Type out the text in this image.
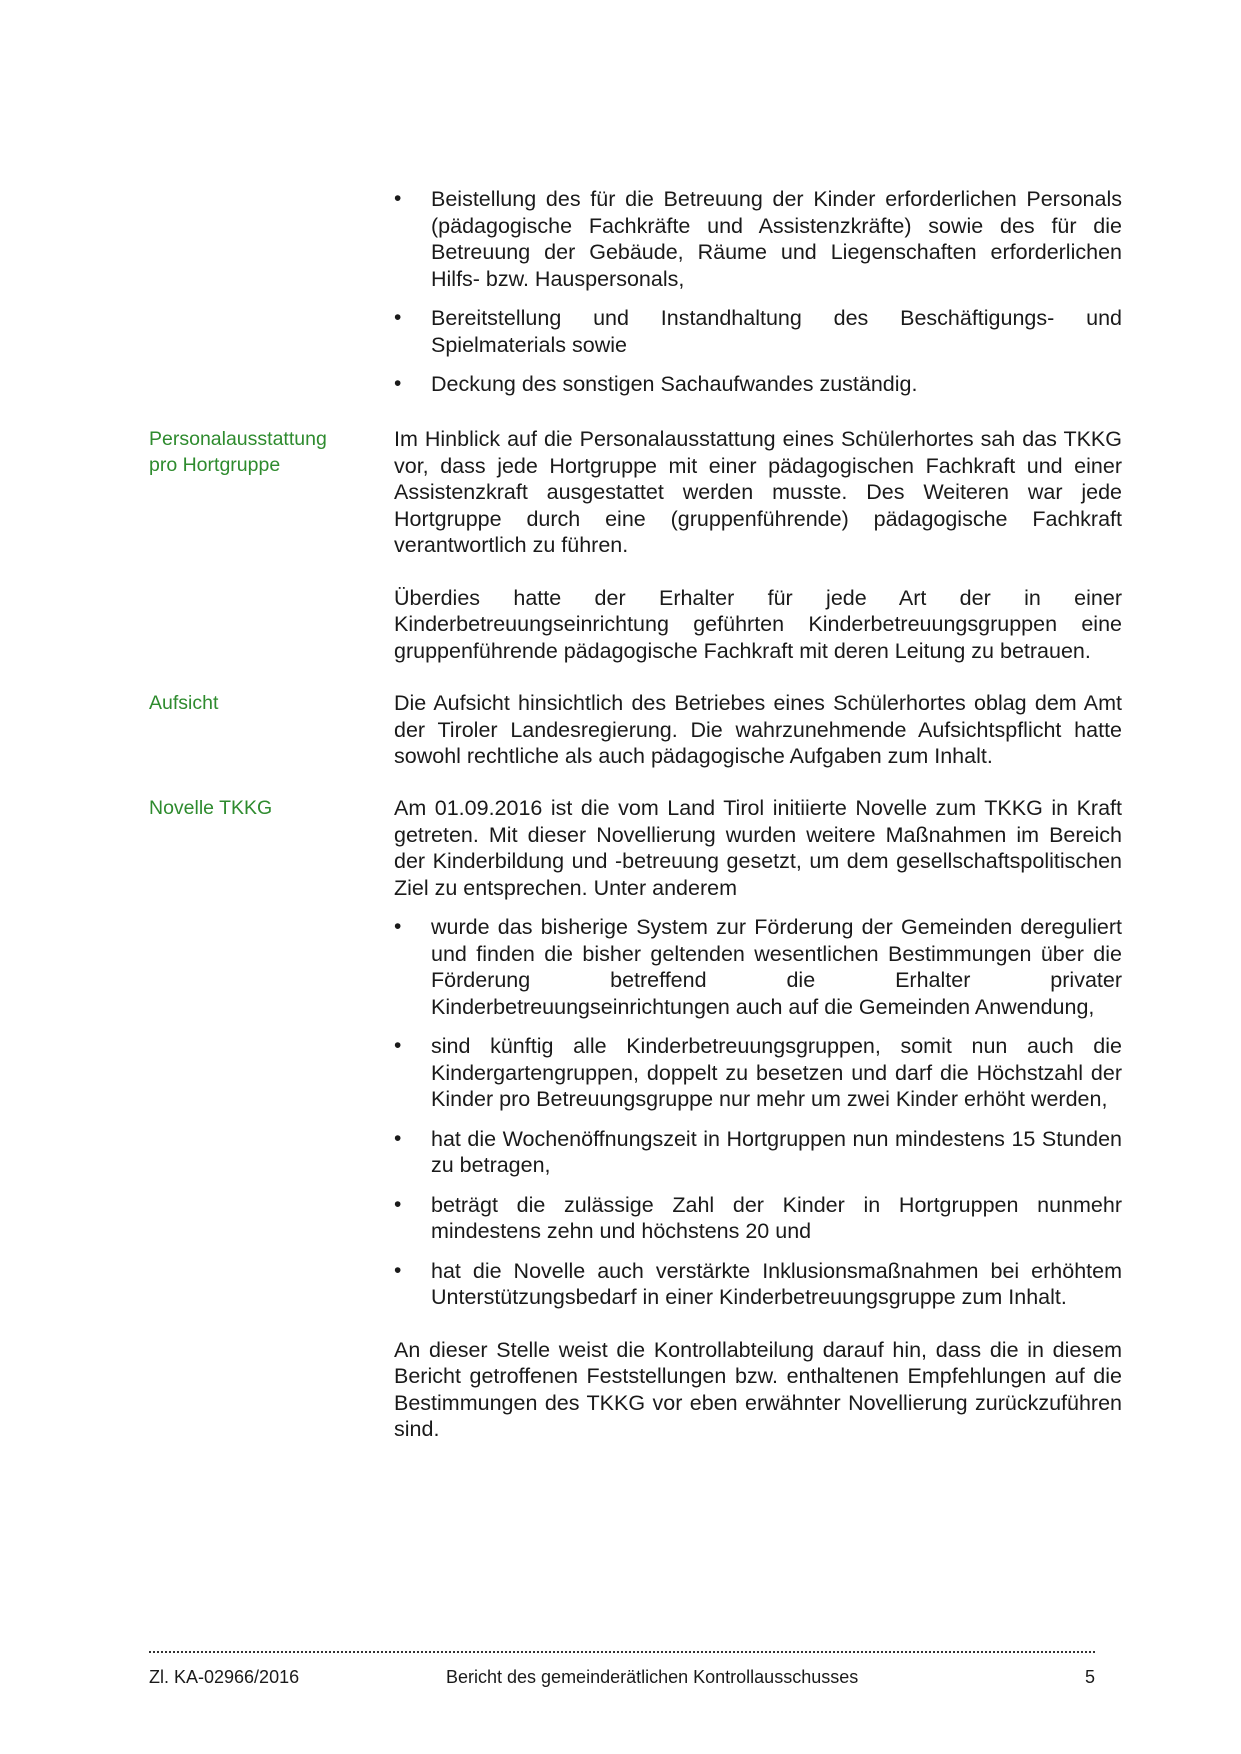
•	Beistellung des für die Betreuung der Kinder erforderlichen Personals (pädagogische Fachkräfte und Assistenzkräfte) sowie des für die Betreuung der Gebäude, Räume und Liegenschaften erforderlichen Hilfs- bzw. Hauspersonals,
•	Bereitstellung und Instandhaltung des Beschäftigungs- und Spielmaterials sowie
•	Deckung des sonstigen Sachaufwandes zuständig.
Personalausstattung
pro Hortgruppe

Im Hinblick auf die Personalausstattung eines Schülerhortes sah das TKKG vor, dass jede Hortgruppe mit einer pädagogischen Fachkraft und einer Assistenzkraft ausgestattet werden musste. Des Weiteren war jede Hortgruppe durch eine (gruppenführende) pädagogische Fachkraft verantwortlich zu führen.

Überdies hatte der Erhalter für jede Art der in einer Kinderbetreuungseinrichtung geführten Kinderbetreuungsgruppen eine gruppenführende pädagogische Fachkraft mit deren Leitung zu betrauen.

Aufsicht	Die Aufsicht hinsichtlich des Betriebes eines Schülerhortes oblag dem Amt der Tiroler Landesregierung. Die wahrzunehmende Aufsichtspflicht hatte sowohl rechtliche als auch pädagogische Aufgaben zum Inhalt.

Novelle TKKG	Am 01.09.2016 ist die vom Land Tirol initiierte Novelle zum TKKG in Kraft getreten. Mit dieser Novellierung wurden weitere Maßnahmen im Bereich der Kinderbildung und -betreuung gesetzt, um dem gesellschaftspolitischen Ziel zu entsprechen. Unter anderem

•	wurde das bisherige System zur Förderung der Gemeinden dereguliert und finden die bisher geltenden wesentlichen Bestimmungen über die Förderung betreffend die Erhalter privater Kinderbetreuungseinrichtungen auch auf die Gemeinden Anwendung,
•	sind künftig alle Kinderbetreuungsgruppen, somit nun auch die Kindergartengruppen, doppelt zu besetzen und darf die Höchstzahl der Kinder pro Betreuungsgruppe nur mehr um zwei Kinder erhöht werden,
•	hat die Wochenöffnungszeit in Hortgruppen nun mindestens 15 Stunden zu betragen,
•	beträgt die zulässige Zahl der Kinder in Hortgruppen nunmehr mindestens zehn und höchstens 20 und
•	hat die Novelle auch verstärkte Inklusionsmaßnahmen bei erhöhtem Unterstützungsbedarf in einer Kinderbetreuungsgruppe zum Inhalt.

An dieser Stelle weist die Kontrollabteilung darauf hin, dass die in diesem Bericht getroffenen Feststellungen bzw. enthaltenen Empfehlungen auf die Bestimmungen des TKKG vor eben erwähnter Novellierung zurückzuführen sind.

Zl. KA-02966/2016	Bericht des gemeinderätlichen Kontrollausschusses	5
